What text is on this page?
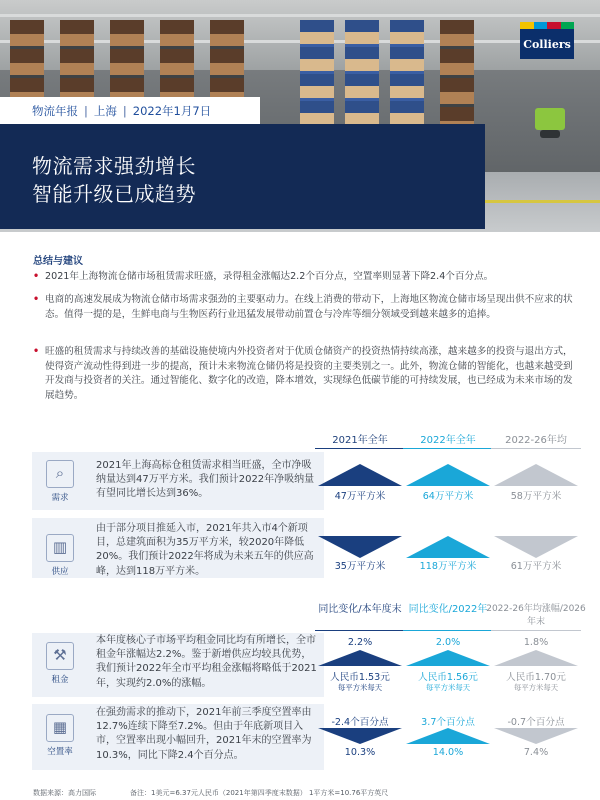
Colliers
物流年报 | 上海 | 2022年1月7日
物流需求强劲增长
智能升级已成趋势
总结与建议
• 2021年上海物流仓储市场租赁需求旺盛，录得租金涨幅达2.2个百分点，空置率则显著下降2.4个百分点。
• 电商的高速发展成为物流仓储市场需求强劲的主要驱动力。在线上消费的带动下，上海地区物流仓储市场呈现出供不应求的状态。值得一提的是，生鲜电商与生物医药行业迅猛发展带动前置仓与冷库等细分领域受到越来越多的追捧。
• 旺盛的租赁需求与持续改善的基础设施使境内外投资者对于优质仓储资产的投资热情持续高涨，越来越多的投资与退出方式，使得资产流动性得到进一步的提高，预计未来物流仓储仍将是投资的主要类别之一。此外，物流仓储的智能化，也越来越受到开发商与投资者的关注。通过智能化、数字化的改造，降本增效，实现绿色低碳节能的可持续发展，也已经成为未来市场的发展趋势。
2021年全年	2022年全年	2022-26年均
⌕
需求
2021年上海高标仓租赁需求相当旺盛，全市净吸纳量达到47万平方米。我们预计2022年净吸纳量有望同比增长达到36%。	47万平方米	64万平方米	58万平方米
▥
供应
由于部分项目推延入市，2021年共入市4个新项目，总建筑面积为35万平方米，较2020年降低20%。我们预计2022年将成为未来五年的供应高峰，达到118万平方米。	35万平方米	118万平方米	61万平方米
同比变化/本年度末 同比变化/2022年
2022-26年均涨幅/2026年末
⚒
租金
本年度核心子市场平均租金同比均有所增长，全市租金年涨幅达2.2%。鉴于新增供应均较具优势，我们预计2022年全市平均租金涨幅将略低于2021年，实现约2.0%的涨幅。
2.2%	2.0%	1.8%
人民币1.53元	人民币1.56元	人民币1.70元
每平方米每天	每平方米每天	每平方米每天
▦
空置率
在强劲需求的推动下，2021年前三季度空置率由12.7%连续下降至7.2%。但由于年底新项目入市，空置率出现小幅回升，2021年末的空置率为10.3%，同比下降2.4个百分点。
-2.4个百分点	3.7个百分点	-0.7个百分点
10.3%	14.0%	7.4%
数据来源：高力国际	备注：1美元=6.37元人民币（2021年第四季度末数据） 1平方米=10.76平方英尺
